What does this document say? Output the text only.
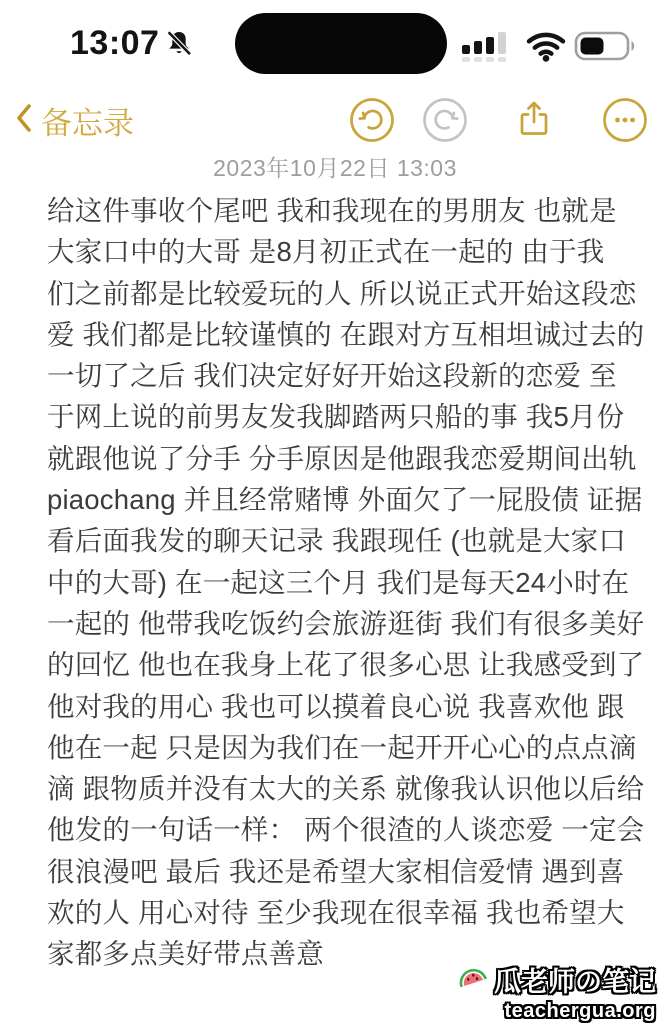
13:07
备忘录
2023年10月22日 13:03
给这件事收个尾吧 我和我现在的男朋友 也就是
大家口中的大哥 是8月初正式在一起的 由于我
们之前都是比较爱玩的人 所以说正式开始这段恋
爱 我们都是比较谨慎的 在跟对方互相坦诚过去的
一切了之后 我们决定好好开始这段新的恋爱 至
于网上说的前男友发我脚踏两只船的事 我5月份
就跟他说了分手 分手原因是他跟我恋爱期间出轨
piaochang 并且经常赌博 外面欠了一屁股债 证据
看后面我发的聊天记录 我跟现任 (也就是大家口
中的大哥) 在一起这三个月 我们是每天24小时在
一起的 他带我吃饭约会旅游逛街 我们有很多美好
的回忆 他也在我身上花了很多心思 让我感受到了
他对我的用心 我也可以摸着良心说 我喜欢他 跟
他在一起 只是因为我们在一起开开心心的点点滴
滴 跟物质并没有太大的关系 就像我认识他以后给
他发的一句话一样： 两个很渣的人谈恋爱 一定会
很浪漫吧 最后 我还是希望大家相信爱情 遇到喜
欢的人 用心对待 至少我现在很幸福 我也希望大
家都多点美好带点善意
瓜老师の笔记
teachergua.org
